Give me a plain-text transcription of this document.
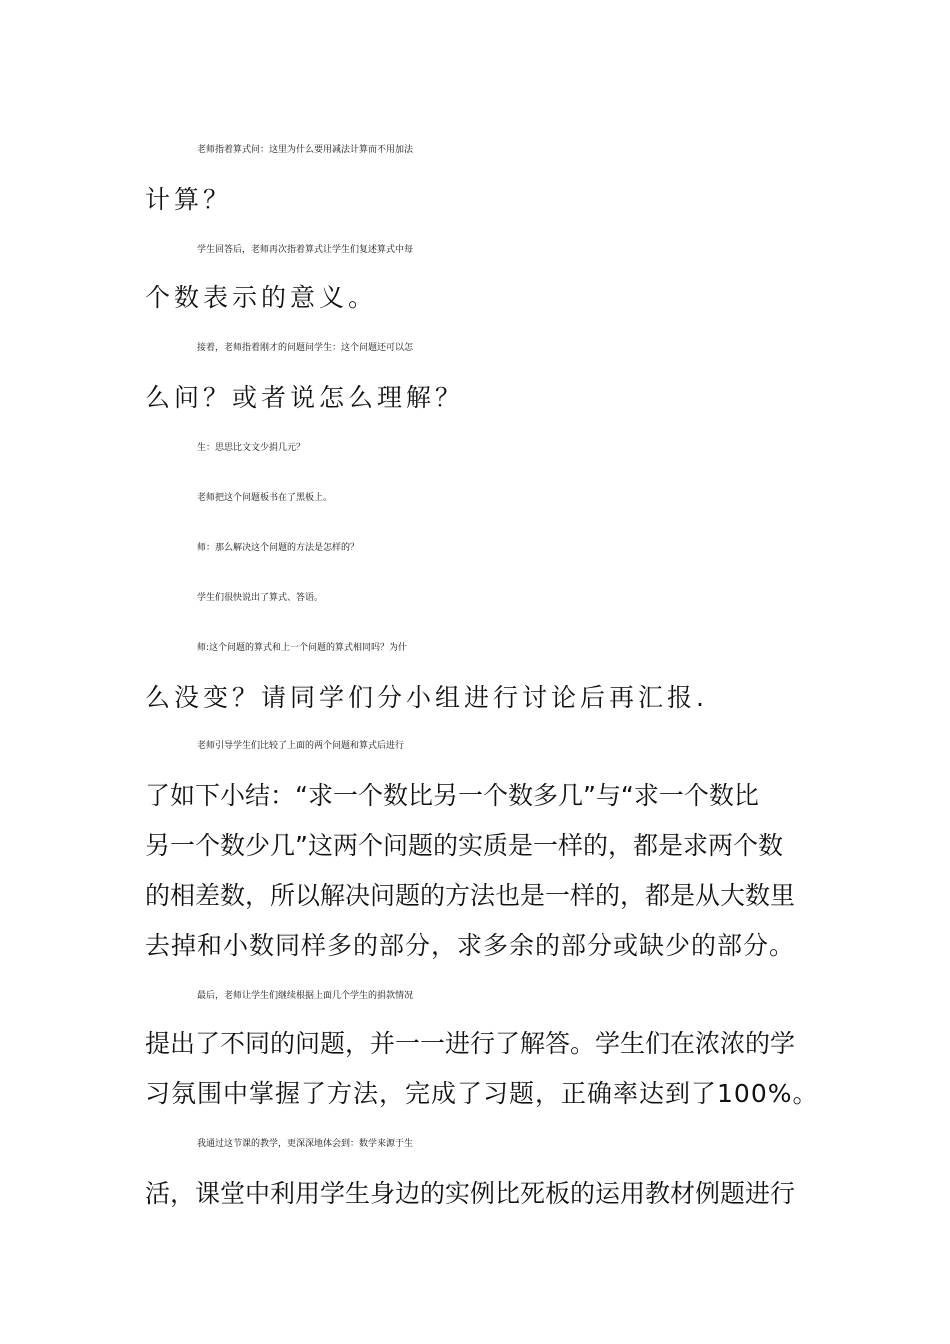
老师指着算式问：这里为什么要用减法计算而不用加法
计算？
学生回答后，老师再次指着算式让学生们复述算式中每
个数表示的意义。
接着，老师指着刚才的问题问学生：这个问题还可以怎
么问？或者说怎么理解？
生：思思比文文少捐几元？
老师把这个问题板书在了黑板上。
师：那么解决这个问题的方法是怎样的？
学生们很快说出了算式、答语。
师:这个问题的算式和上一个问题的算式相同吗？为什
么没变？请同学们分小组进行讨论后再汇报.
老师引导学生们比较了上面的两个问题和算式后进行
了如下小结：“求一个数比另一个数多几”与“求一个数比
另一个数少几”这两个问题的实质是一样的，都是求两个数
的相差数，所以解决问题的方法也是一样的，都是从大数里
去掉和小数同样多的部分，求多余的部分或缺少的部分。
最后，老师让学生们继续根据上面几个学生的捐款情况
提出了不同的问题，并一一进行了解答。学生们在浓浓的学
习氛围中掌握了方法，完成了习题，正确率达到了100%。
我通过这节课的教学，更深深地体会到：数学来源于生
活，课堂中利用学生身边的实例比死板的运用教材例题进行
